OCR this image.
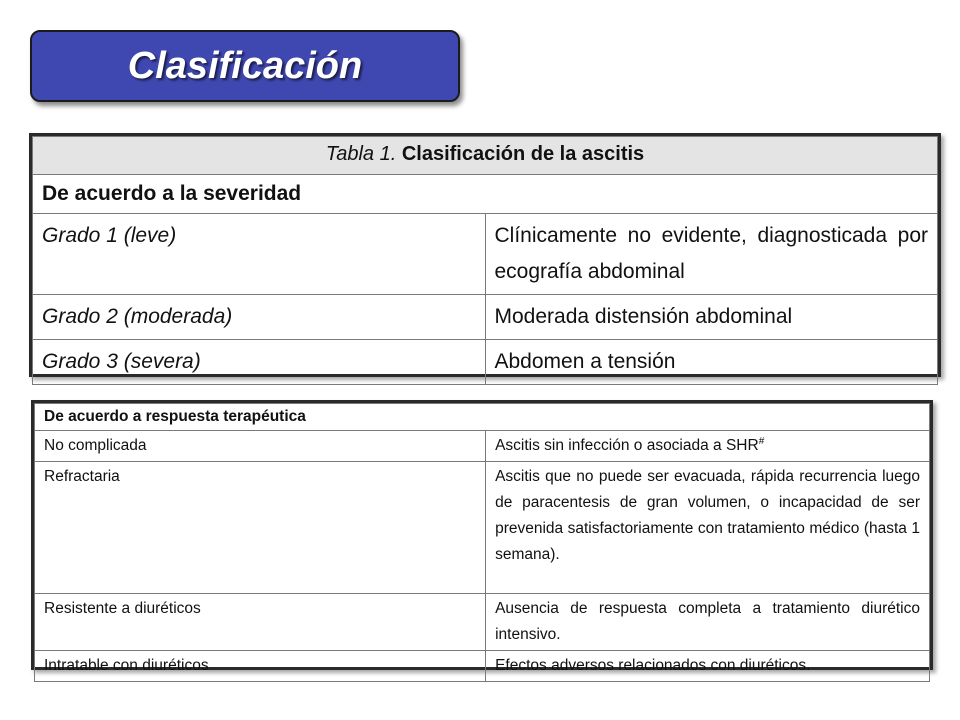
Clasificación
Tabla 1. Clasificación de la ascitis	
De acuerdo a la severidad	
Grado 1 (leve)	Clínicamente no evidente, diagnosticada por ecografía abdominal
Grado 2 (moderada)	Moderada distensión abdominal
Grado 3 (severa)	Abdomen a tensión
De acuerdo a respuesta terapéutica	
No complicada	Ascitis sin infección o asociada a SHR#
Refractaria	Ascitis que no puede ser evacuada, rápida recurrencia luego de paracentesis de gran volumen, o incapacidad de ser prevenida satisfactoriamente con tratamiento médico (hasta 1 semana).
Resistente a diuréticos	Ausencia de respuesta completa a tratamiento diurético intensivo.
Intratable con diuréticos	Efectos adversos relacionados con diuréticos.
